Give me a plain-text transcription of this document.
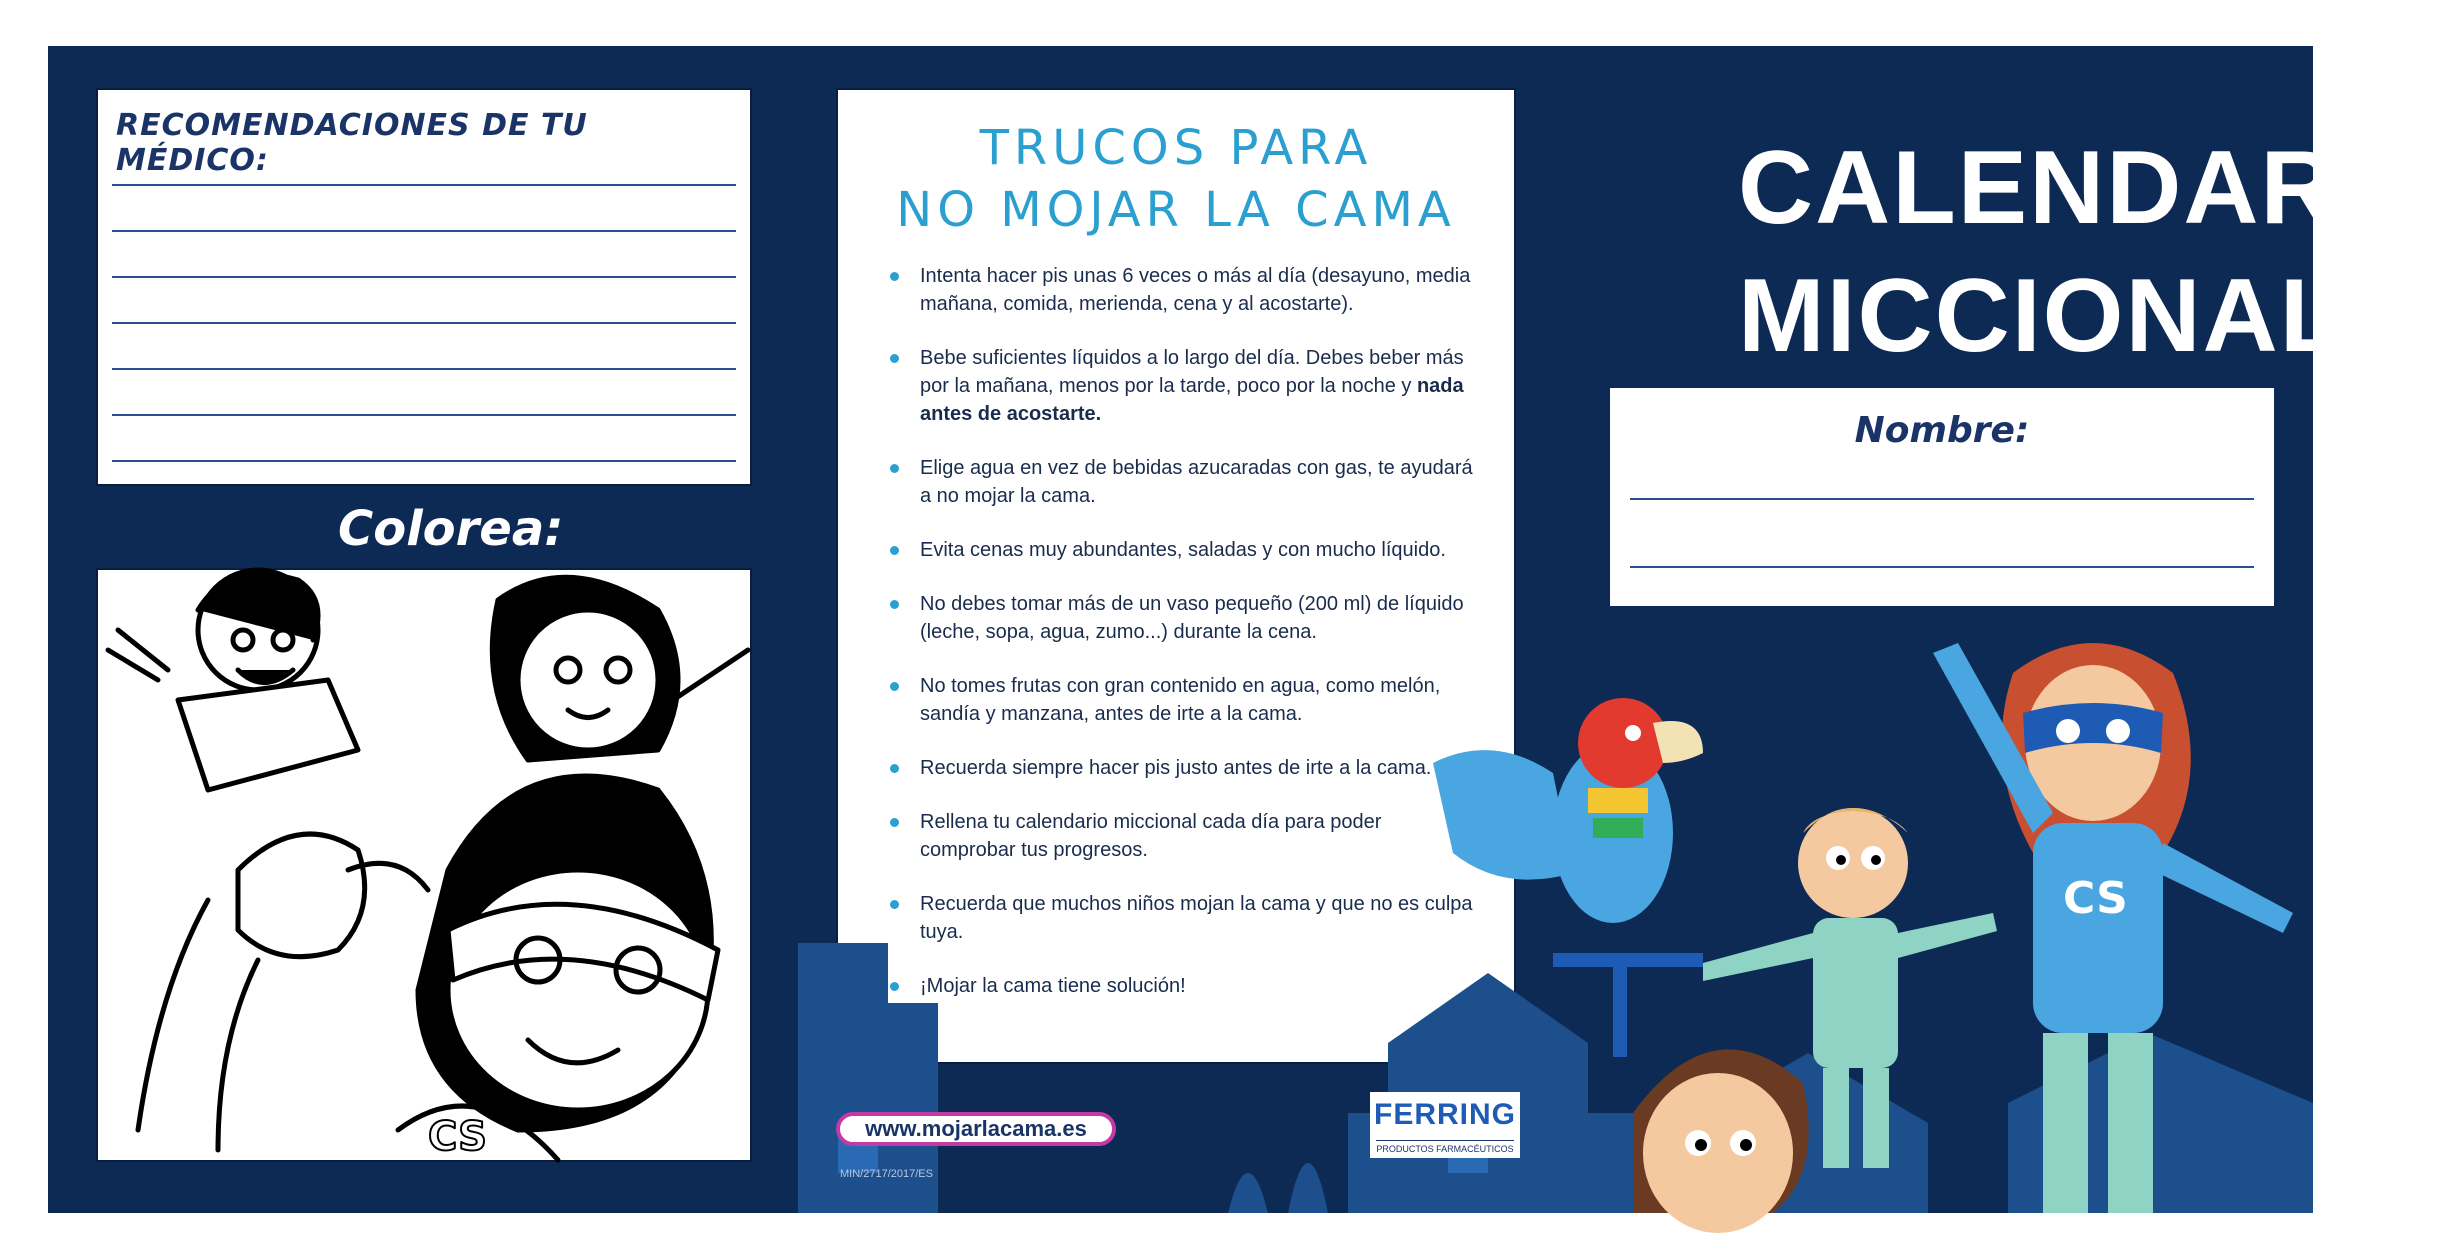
RECOMENDACIONES DE TU MÉDICO:
Colorea:
CS
TRUCOS PARA
NO MOJAR LA CAMA
Intenta hacer pis unas 6 veces o más al día (desayuno, media mañana, comida, merienda, cena y al acostarte).
Bebe suficientes líquidos a lo largo del día. Debes beber más por la mañana, menos por la tarde, poco por la noche y nada antes de acostarte.
Elige agua en vez de bebidas azucaradas con gas, te ayudará a no mojar la cama.
Evita cenas muy abundantes, saladas y con mucho líquido.
No debes tomar más de un vaso pequeño (200 ml) de líquido (leche, sopa, agua, zumo...) durante la cena.
No tomes frutas con gran contenido en agua, como melón, sandía y manzana, antes de irte a la cama.
Recuerda siempre hacer pis justo antes de irte a la cama.
Rellena tu calendario miccional cada día para poder comprobar tus progresos.
Recuerda que muchos niños mojan la cama y que no es culpa tuya.
¡Mojar la cama tiene solución!
CALENDARIO
MICCIONAL
Nombre:
CS
www.mojarlacama.es
MIN/2717/2017/ES
FERRING
PRODUCTOS FARMACÉUTICOS
